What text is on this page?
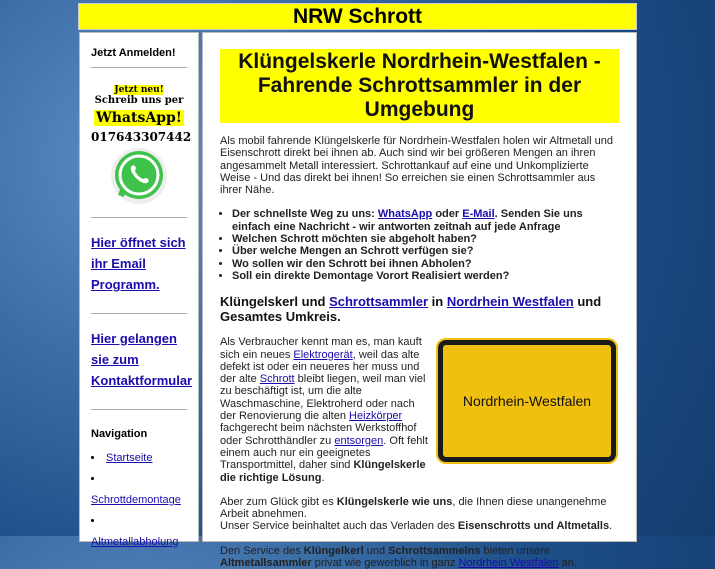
NRW Schrott
Jetzt Anmelden!
Jetzt neu!
Schreib uns per
WhatsApp!
017643307442
Hier öffnet sich ihr Email Programm.
Hier gelangen sie zum Kontaktformular
Navigation
• Startseite
• Schrottdemontage
• Altmetallabholung
Klüngelskerle Nordrhein-Westfalen - Fahrende Schrottsammler in der Umgebung

Als mobil fahrende Klüngelskerle für Nordrhein-Westfalen holen wir Altmetall und Eisenschrott direkt bei ihnen ab. Auch sind wir bei größeren Mengen an ihren angesammelt Metall interessiert. Schrottankauf auf eine und Unkomplizierte Weise - Und das direkt bei ihnen! So erreichen sie einen Schrottsammler aus ihrer Nähe.

• Der schnellste Weg zu uns: WhatsApp oder E-Mail. Senden Sie uns einfach eine Nachricht - wir antworten zeitnah auf jede Anfrage
• Welchen Schrott möchten sie abgeholt haben?
• Über welche Mengen an Schrott verfügen sie?
• Wo sollen wir den Schrott bei ihnen Abholen?
• Soll ein direkte Demontage Vorort Realisiert werden?
Klüngelskerl und Schrottsammler in Nordrhein Westfalen und Gesamtes Umkreis.
Nordrhein-Westfalen

Als Verbraucher kennt man es, man kauft sich ein neues Elektrogerät, weil das alte defekt ist oder ein neueres her muss und der alte Schrott bleibt liegen, weil man viel zu beschäftigt ist, um die alte Waschmaschine, Elektroherd oder nach der Renovierung die alten Heizkörper fachgerecht beim nächsten Werkstoffhof oder Schrotthändler zu entsorgen. Oft fehlt einem auch nur ein geeignetes Transportmittel, daher sind Klüngelskerle die richtige Lösung.

Aber zum Glück gibt es Klüngelskerle wie uns, die Ihnen diese unangenehme Arbeit abnehmen.
Unser Service beinhaltet auch das Verladen des Eisenschrotts und Altmetalls.

Den Service des Klüngelkerl und Schrottsammelns bieten unsere Altmetallsammler privat wie gewerblich in ganz Nordrhein Westfalen an.
